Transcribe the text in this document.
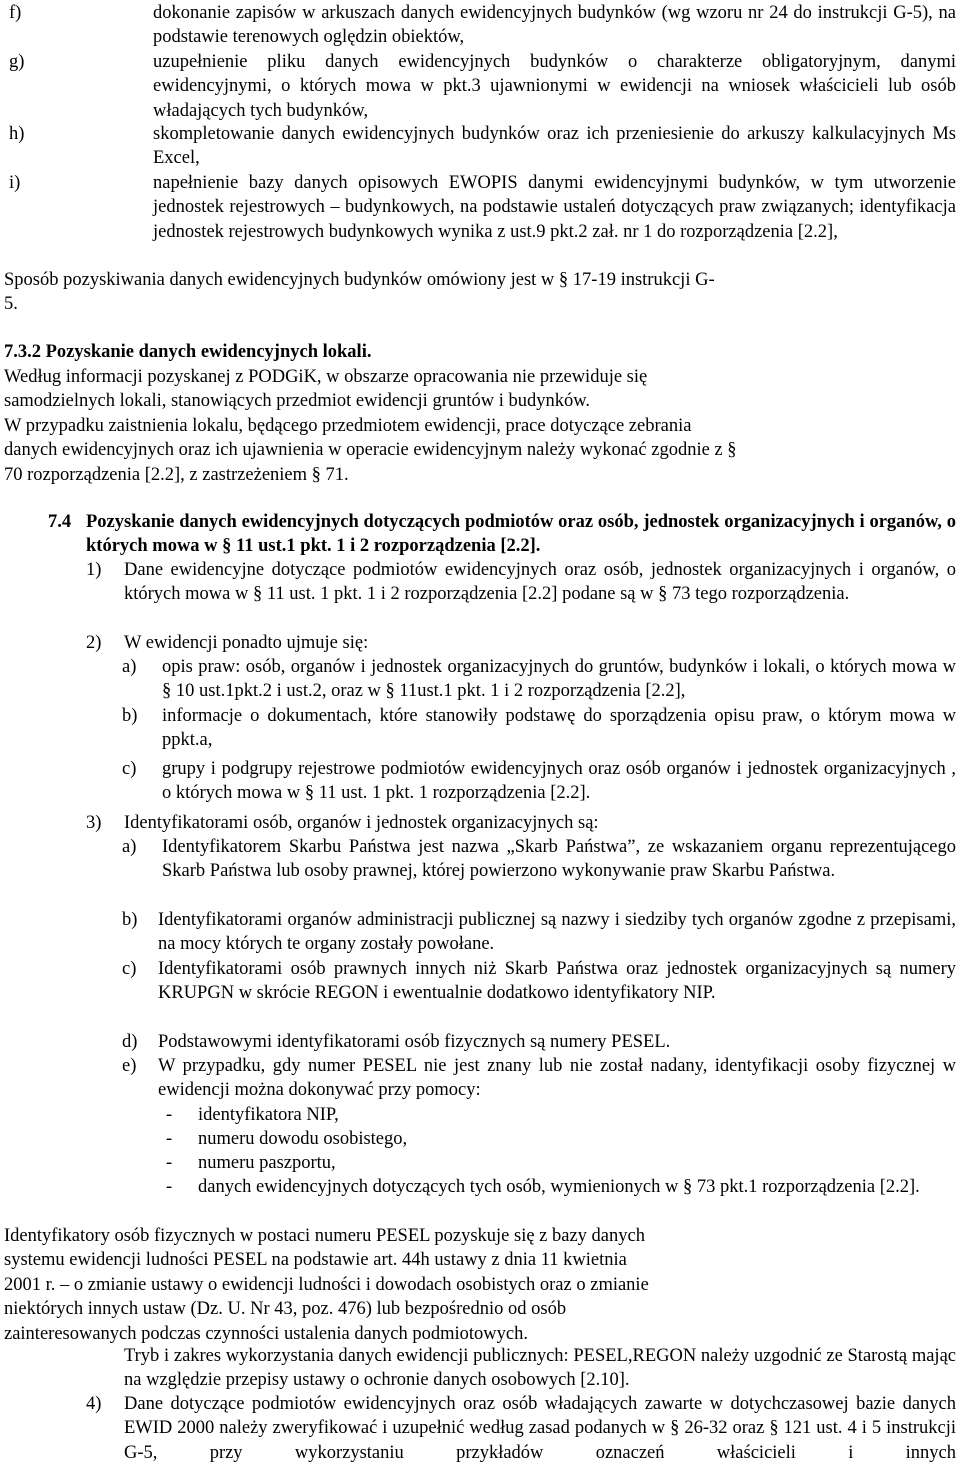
f)	dokonanie zapisów w arkuszach danych ewidencyjnych budynków (wg wzoru nr 24 do instrukcji G-5), na podstawie terenowych oględzin obiektów,
g)	uzupełnienie pliku danych ewidencyjnych budynków o charakterze obligatoryjnym, danymi ewidencyjnymi, o których mowa w pkt.3 ujawnionymi w ewidencji na wniosek właścicieli lub osób władających tych budynków,
h)	skompletowanie danych ewidencyjnych budynków oraz ich przeniesienie do arkuszy kalkulacyjnych Ms Excel,
i)	napełnienie bazy danych opisowych EWOPIS danymi ewidencyjnymi budynków, w tym utworzenie jednostek rejestrowych – budynkowych, na podstawie ustaleń dotyczących praw związanych; identyfikacja jednostek rejestrowych budynkowych wynika z ust.9 pkt.2 zał. nr 1 do rozporządzenia [2.2],
Sposób pozyskiwania danych ewidencyjnych budynków omówiony jest w § 17-19 instrukcji G-5.
7.3.2 Pozyskanie danych ewidencyjnych lokali.
Według informacji pozyskanej z PODGiK, w obszarze opracowania nie przewiduje się samodzielnych lokali, stanowiących przedmiot ewidencji gruntów i budynków.
W przypadku zaistnienia lokalu, będącego przedmiotem ewidencji, prace dotyczące zebrania danych ewidencyjnych oraz ich ujawnienia w operacie ewidencyjnym należy wykonać zgodnie z § 70 rozporządzenia [2.2], z zastrzeżeniem § 71.
7.4 Pozyskanie danych ewidencyjnych dotyczących podmiotów oraz osób, jednostek organizacyjnych i organów, o których mowa w § 11 ust.1 pkt. 1 i 2 rozporządzenia [2.2].
1)	Dane ewidencyjne dotyczące podmiotów ewidencyjnych oraz osób, jednostek organizacyjnych i organów, o których mowa w § 11 ust. 1 pkt. 1 i 2 rozporządzenia [2.2] podane są w § 73 tego rozporządzenia.
2)	W ewidencji ponadto ujmuje się:
a)	opis praw: osób, organów i jednostek organizacyjnych do gruntów, budynków i lokali, o których mowa w § 10 ust.1pkt.2 i ust.2, oraz w § 11ust.1 pkt. 1 i 2 rozporządzenia [2.2],
b)	informacje o dokumentach, które stanowiły podstawę do sporządzenia opisu praw, o którym mowa w ppkt.a,
c)	grupy i podgrupy rejestrowe podmiotów ewidencyjnych oraz osób organów i jednostek organizacyjnych , o których mowa w § 11 ust. 1 pkt. 1 rozporządzenia [2.2].
3)	Identyfikatorami osób, organów i jednostek organizacyjnych są:
a)	Identyfikatorem Skarbu Państwa jest nazwa „Skarb Państwa”, ze wskazaniem organu reprezentującego Skarb Państwa lub osoby prawnej, której powierzono wykonywanie praw Skarbu Państwa.
b)	Identyfikatorami organów administracji publicznej są nazwy i siedziby tych organów zgodne z przepisami, na mocy których te organy zostały powołane.
c)	Identyfikatorami osób prawnych innych niż Skarb Państwa oraz jednostek organizacyjnych są numery KRUPGN w skrócie REGON i ewentualnie dodatkowo identyfikatory NIP.
d)	Podstawowymi identyfikatorami osób fizycznych są numery PESEL.
e)	W przypadku, gdy numer PESEL nie jest znany lub nie został nadany, identyfikacji osoby fizycznej w ewidencji można dokonywać przy pomocy:
-	identyfikatora NIP,
-	numeru dowodu osobistego,
-	numeru paszportu,
-	danych ewidencyjnych dotyczących tych osób, wymienionych w § 73 pkt.1 rozporządzenia [2.2].
Identyfikatory osób fizycznych w postaci numeru PESEL pozyskuje się z bazy danych
systemu ewidencji ludności PESEL na podstawie art. 44h ustawy z dnia 11 kwietnia
2001 r. – o zmianie ustawy o ewidencji ludności i dowodach osobistych oraz o zmianie
niektórych innych ustaw (Dz. U. Nr 43, poz. 476) lub bezpośrednio od osób
zainteresowanych podczas czynności ustalenia danych podmiotowych.
Tryb i zakres wykorzystania danych ewidencji publicznych: PESEL,REGON należy uzgodnić ze Starostą mając na względzie przepisy ustawy o ochronie danych osobowych [2.10].
4)	Dane dotyczące podmiotów ewidencyjnych oraz osób władających zawarte w dotychczasowej bazie danych EWID 2000 należy zweryfikować i uzupełnić według zasad podanych w § 26-32 oraz § 121 ust. 4 i 5 instrukcji G-5, przy wykorzystaniu przykładów oznaczeń właścicieli i innych
